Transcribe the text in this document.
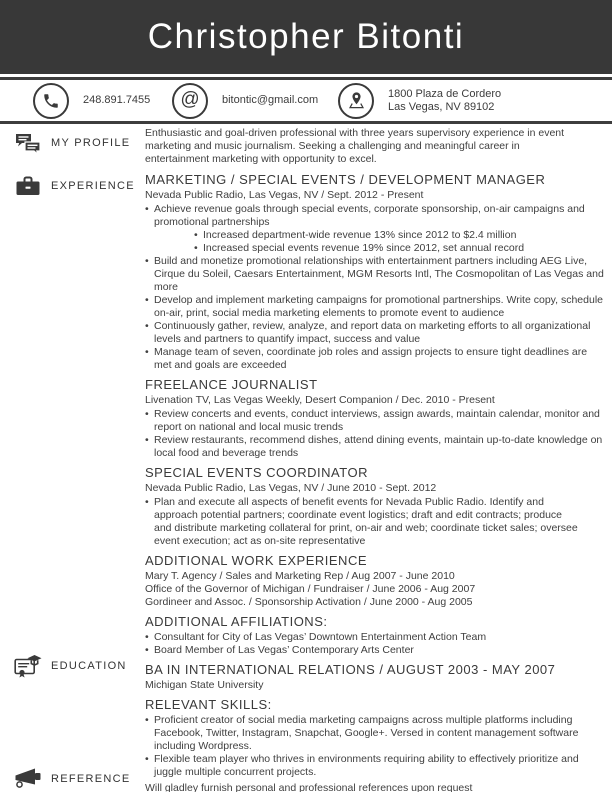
Christopher Bitonti
248.891.7455 @ bitontic@gmail.com
1800 Plaza de Cordero
Las Vegas, NV 89102
MY PROFILE
EXPERIENCE
EDUCATION
REFERENCE

Enthusiastic and goal-driven professional with three years supervisory experience in event marketing and music journalism. Seeking a challenging and meaningful career in entertainment marketing with opportunity to excel.

MARKETING / SPECIAL EVENTS / DEVELOPMENT MANAGER

Nevada Public Radio, Las Vegas, NV / Sept. 2012 - Present

• Achieve revenue goals through special events, corporate sponsorship, on-air campaigns and promotional partnerships
• Increased department-wide revenue 13% since 2012 to $2.4 million
• Increased special events revenue 19% since 2012, set annual record
• Build and monetize promotional relationships with entertainment partners including AEG Live, Cirque du Soleil, Caesars Entertainment, MGM Resorts Intl, The Cosmopolitan of Las Vegas and more
• Develop and implement marketing campaigns for promotional partnerships. Write copy, schedule on-air, print, social media marketing elements to promote event to audience
• Continuously gather, review, analyze, and report data on marketing efforts to all organizational levels and partners to quantify impact, success and value
• Manage team of seven, coordinate job roles and assign projects to ensure tight deadlines are met and goals are exceeded
FREELANCE JOURNALIST

Livenation TV, Las Vegas Weekly, Desert Companion / Dec. 2010 - Present

• Review concerts and events, conduct interviews, assign awards, maintain calendar, monitor and report on national and local music trends
• Review restaurants, recommend dishes, attend dining events, maintain up-to-date knowledge on local food and beverage trends
SPECIAL EVENTS COORDINATOR

Nevada Public Radio, Las Vegas, NV / June 2010 - Sept. 2012

• Plan and execute all aspects of benefit events for Nevada Public Radio. Identify and approach potential partners; coordinate event logistics; draft and edit contracts; produce and distribute marketing collateral for print, on-air and web; coordinate ticket sales; oversee event execution; act as on-site representative
ADDITIONAL WORK EXPERIENCE

Mary T. Agency / Sales and Marketing Rep / Aug 2007 - June 2010

Office of the Governor of Michigan / Fundraiser / June 2006 - Aug 2007

Gordineer and Assoc. / Sponsorship Activation / June 2000 - Aug 2005

ADDITIONAL AFFILIATIONS:
• Consultant for City of Las Vegas’ Downtown Entertainment Action Team
• Board Member of Las Vegas’ Contemporary Arts Center
BA IN INTERNATIONAL RELATIONS / AUGUST 2003 - MAY 2007

Michigan State University

RELEVANT SKILLS:
• Proficient creator of social media marketing campaigns across multiple platforms including Facebook, Twitter, Instagram, Snapchat, Google+. Versed in content management software including Wordpress.
• Flexible team player who thrives in environments requiring ability to effectively prioritize and juggle multiple concurrent projects.

Will gladley furnish personal and professional references upon request
